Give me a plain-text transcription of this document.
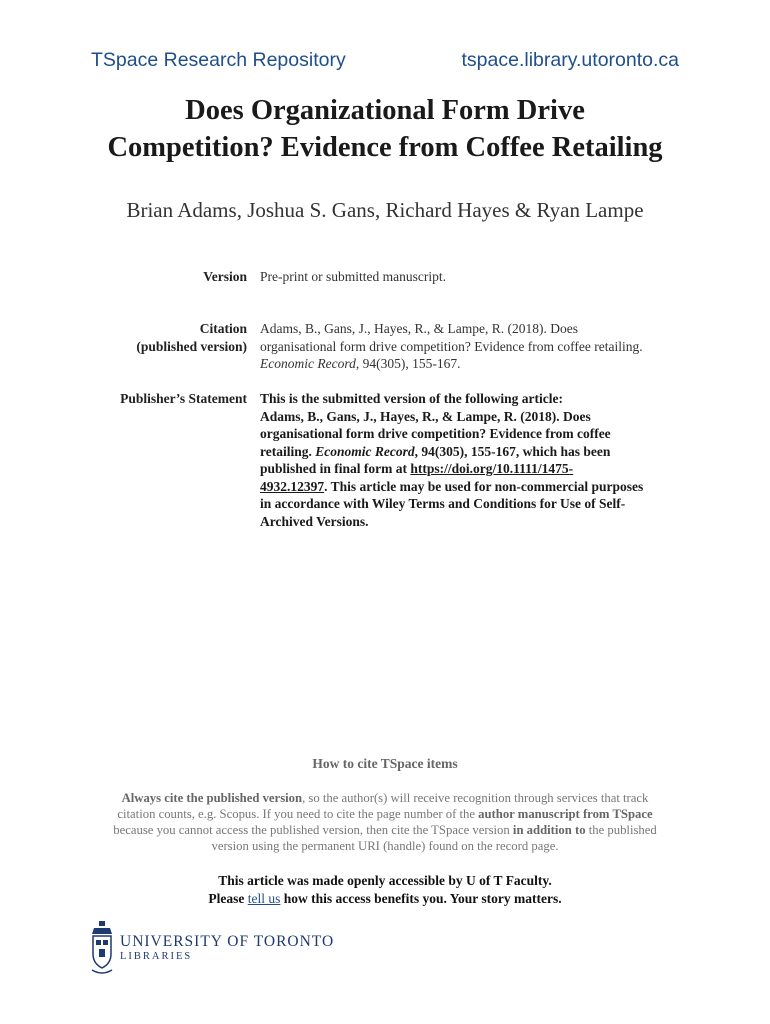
TSpace Research Repository	tspace.library.utoronto.ca
Does Organizational Form Drive
Competition? Evidence from Coffee Retailing
Brian Adams, Joshua S. Gans, Richard Hayes & Ryan Lampe
Version Pre-print or submitted manuscript.
Citation
(published version)
Adams, B., Gans, J., Hayes, R., & Lampe, R. (2018). Does
organisational form drive competition? Evidence from coffee retailing.
Economic Record, 94(305), 155-167.
Publisher’s Statement This is the submitted version of the following article:
Adams, B., Gans, J., Hayes, R., & Lampe, R. (2018). Does
organisational form drive competition? Evidence from coffee
retailing. Economic Record, 94(305), 155-167, which has been
published in final form at https://doi.org/10.1111/1475-
4932.12397. This article may be used for non-commercial purposes
in accordance with Wiley Terms and Conditions for Use of Self-
Archived Versions.
How to cite TSpace items
Always cite the published version, so the author(s) will receive recognition through services that track
citation counts, e.g. Scopus. If you need to cite the page number of the author manuscript from TSpace
because you cannot access the published version, then cite the TSpace version in addition to the published
version using the permanent URI (handle) found on the record page.
This article was made openly accessible by U of T Faculty.
Please tell us how this access benefits you. Your story matters.
UNIVERSITY OF TORONTO
LIBRARIES
